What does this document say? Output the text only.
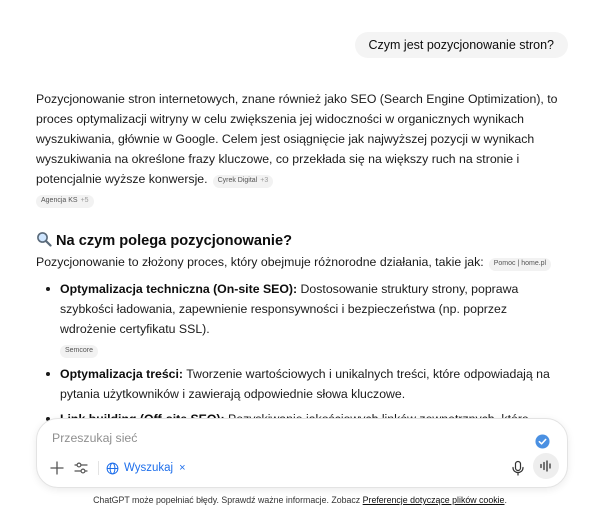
Czym jest pozycjonowanie stron?

Pozycjonowanie stron internetowych, znane również jako SEO (Search Engine Optimization), to proces optymalizacji witryny w celu zwiększenia jej widoczności w organicznych wynikach wyszukiwania, głównie w Google. Celem jest osiągnięcie jak najwyższej pozycji w wynikach wyszukiwania na określone frazy kluczowe, co przekłada się na większy ruch na stronie i potencjalnie wyższe konwersje. Cyrek Digital +3

Agencja KS +5
Na czym polega pozycjonowanie?

Pozycjonowanie to złożony proces, który obejmuje różnorodne działania, takie jak: Pomoc | home.pl

Optymalizacja techniczna (On-site SEO): Dostosowanie struktury strony, poprawa szybkości ładowania, zapewnienie responsywności i bezpieczeństwa (np. poprzez wdrożenie certyfikatu SSL).
Semcore
Optymalizacja treści: Tworzenie wartościowych i unikalnych treści, które odpowiadają na pytania użytkowników i zawierają odpowiednie słowa kluczowe.
Przeszukaj sieć
Wyszukaj ×
ChatGPT może popełniać błędy. Sprawdź ważne informacje. Zobacz Preferencje dotyczące plików cookie.
